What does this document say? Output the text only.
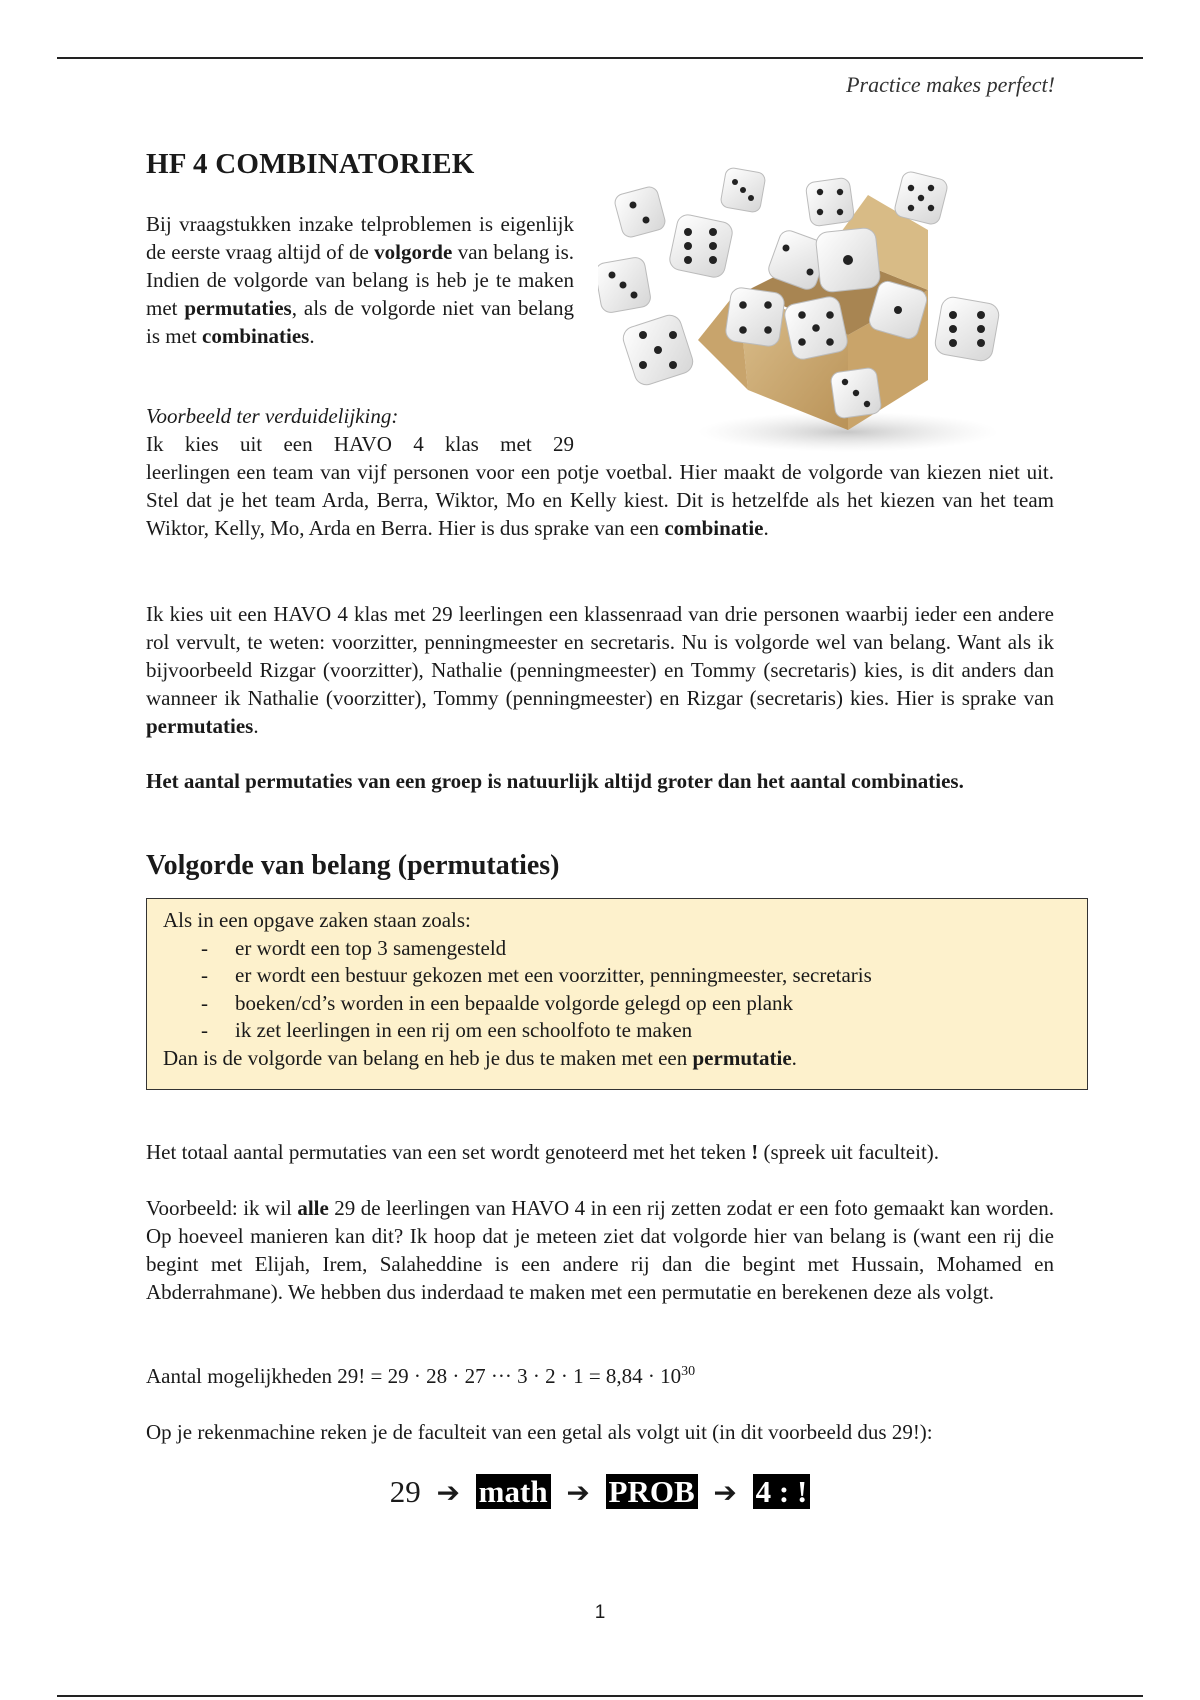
Practice makes perfect!
HF 4 COMBINATORIEK

Bij vraagstukken inzake telproblemen is eigenlijk de eerste vraag altijd of de volgorde van belang is. Indien de volgorde van belang is heb je te maken met permutaties, als de volgorde niet van belang is met combinaties.

Voorbeeld ter verduidelijking:

Ik kies uit een HAVO 4 klas met 29

leerlingen een team van vijf personen voor een potje voetbal. Hier maakt de volgorde van kiezen niet uit. Stel dat je het team Arda, Berra, Wiktor, Mo en Kelly kiest. Dit is hetzelfde als het kiezen van het team Wiktor, Kelly, Mo, Arda en Berra. Hier is dus sprake van een combinatie.

Ik kies uit een HAVO 4 klas met 29 leerlingen een klassenraad van drie personen waarbij ieder een andere rol vervult, te weten: voorzitter, penningmeester en secretaris. Nu is volgorde wel van belang. Want als ik bijvoorbeeld Rizgar (voorzitter), Nathalie (penningmeester) en Tommy (secretaris) kies, is dit anders dan wanneer ik Nathalie (voorzitter), Tommy (penningmeester) en Rizgar (secretaris) kies. Hier is sprake van permutaties.

Het aantal permutaties van een groep is natuurlijk altijd groter dan het aantal combinaties.

Volgorde van belang (permutaties)
Als in een opgave zaken staan zoals:
- er wordt een top 3 samengesteld
- er wordt een bestuur gekozen met een voorzitter, penningmeester, secretaris
- boeken/cd’s worden in een bepaalde volgorde gelegd op een plank
- ik zet leerlingen in een rij om een schoolfoto te maken
Dan is de volgorde van belang en heb je dus te maken met een permutatie.

Het totaal aantal permutaties van een set wordt genoteerd met het teken ! (spreek uit faculteit).

Voorbeeld: ik wil alle 29 de leerlingen van HAVO 4 in een rij zetten zodat er een foto gemaakt kan worden. Op hoeveel manieren kan dit? Ik hoop dat je meteen ziet dat volgorde hier van belang is (want een rij die begint met Elijah, Irem, Salaheddine is een andere rij dan die begint met Hussain, Mohamed en Abderrahmane). We hebben dus inderdaad te maken met een permutatie en berekenen deze als volgt.

Aantal mogelijkheden 29! = 29 · 28 · 27 ··· $3 \cdot 2 \cdot 1 = 8,84 \cdot 10^{30}$

Op je rekenmachine reken je de faculteit van een getal als volgt uit (in dit voorbeeld dus 29!):

29 ➔ math ➔ PROB ➔ 4 : !
1
